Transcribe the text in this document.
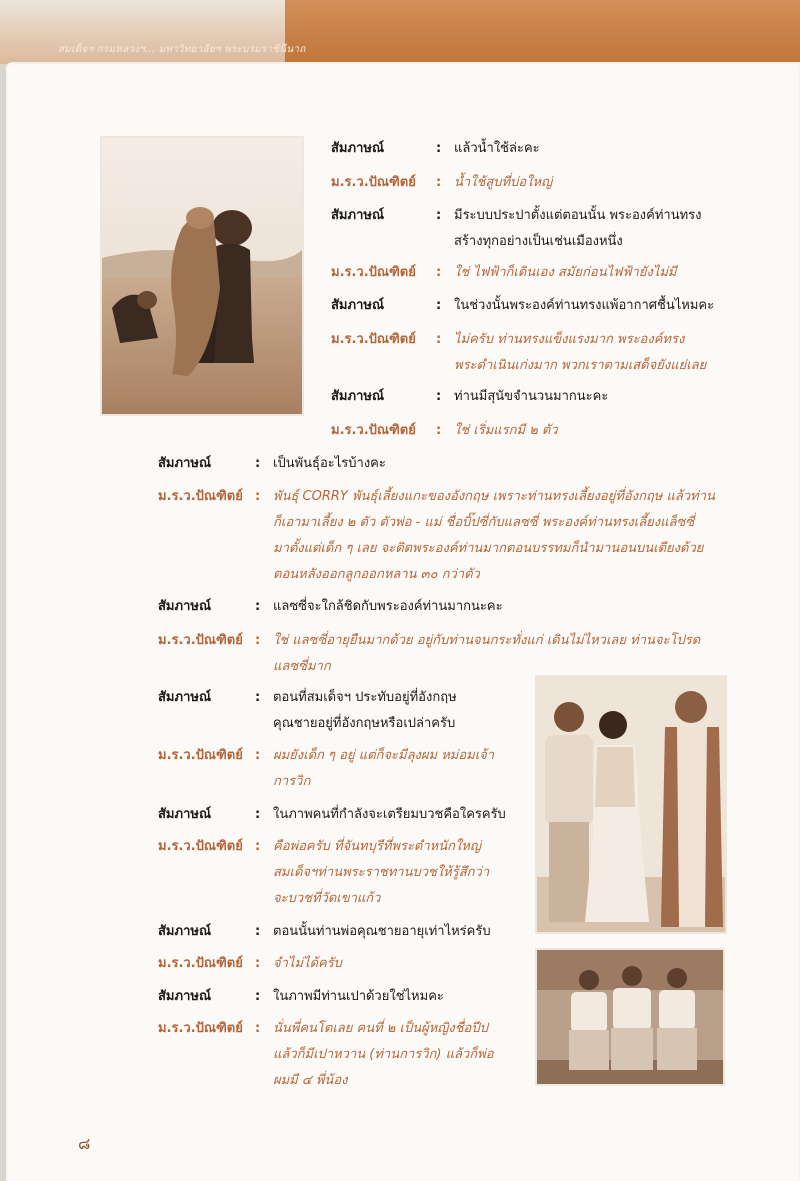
สมเด็จฯ กรมหลวงฯ... มหาวิทยาลัยฯ พระบรมราชินีนาถ
สัมภาษณ์	: แล้วน้ำใช้ล่ะคะ
ม.ร.ว.ปัณฑิตย์ : น้ำใช้สูบที่บ่อใหญ่
สัมภาษณ์	: มีระบบประปาตั้งแต่ตอนนั้น พระองค์ท่านทรง
สร้างทุกอย่างเป็นเช่นเมืองหนึ่ง
ม.ร.ว.ปัณฑิตย์ : ใช่ ไฟฟ้าก็เดินเอง สมัยก่อนไฟฟ้ายังไม่มี
สัมภาษณ์	: ในช่วงนั้นพระองค์ท่านทรงแพ้อากาศชื้นไหมคะ
ม.ร.ว.ปัณฑิตย์ : ไม่ครับ ท่านทรงแข็งแรงมาก พระองค์ทรง
พระดำเนินเก่งมาก พวกเราตามเสด็จยังแย่เลย
สัมภาษณ์	: ท่านมีสุนัขจำนวนมากนะคะ
ม.ร.ว.ปัณฑิตย์ : ใช่ เริ่มแรกมี ๒ ตัว
สัมภาษณ์	: เป็นพันธุ์อะไรบ้างคะ
ม.ร.ว.ปัณฑิตย์ : พันธุ์ CORRY พันธุ์เลี้ยงแกะของอังกฤษ เพราะท่านทรงเลี้ยงอยู่ที่อังกฤษ แล้วท่าน
ก็เอามาเลี้ยง ๒ ตัว ตัวพ่อ - แม่ ชื่อบิ๊ปซี่กับแลซซี่ พระองค์ท่านทรงเลี้ยงแล็ซซี่
มาตั้งแต่เด็ก ๆ เลย จะติดพระองค์ท่านมากตอนบรรทมก็นำมานอนบนเตียงด้วย
ตอนหลังออกลูกออกหลาน ๓๐ กว่าตัว
สัมภาษณ์	: แลซซี่จะใกล้ชิดกับพระองค์ท่านมากนะคะ
ม.ร.ว.ปัณฑิตย์ : ใช่ แลซซี่อายุยืนมากด้วย อยู่กับท่านจนกระทั่งแก่ เดินไม่ไหวเลย ท่านจะโปรด
แลซซี่มาก
สัมภาษณ์	: ตอนที่สมเด็จฯ ประทับอยู่ที่อังกฤษ
คุณชายอยู่ที่อังกฤษหรือเปล่าครับ
ม.ร.ว.ปัณฑิตย์ : ผมยังเด็ก ๆ อยู่ แต่ก็จะมีลุงผม หม่อมเจ้า
การวิก
สัมภาษณ์	: ในภาพคนที่กำลังจะเตรียมบวชคือใครครับ
ม.ร.ว.ปัณฑิตย์ : คือพ่อครับ ที่จันทบุรีที่พระตำหนักใหญ่
สมเด็จฯท่านพระราชทานบวชให้รู้สึกว่า
จะบวชที่วัดเขาแก้ว
สัมภาษณ์	: ตอนนั้นท่านพ่อคุณชายอายุเท่าไหร่ครับ
ม.ร.ว.ปัณฑิตย์ : จำไม่ได้ครับ
สัมภาษณ์	: ในภาพมีท่านเปาด้วยใช่ไหมคะ
ม.ร.ว.ปัณฑิตย์ : นั่นพี่คนโตเลย คนที่ ๒ เป็นผู้หญิงชื่อปีป
แล้วก็มีเปาหวาน (ท่านการวิก) แล้วก็พ่อ
ผมมี ๔ พี่น้อง
๘
